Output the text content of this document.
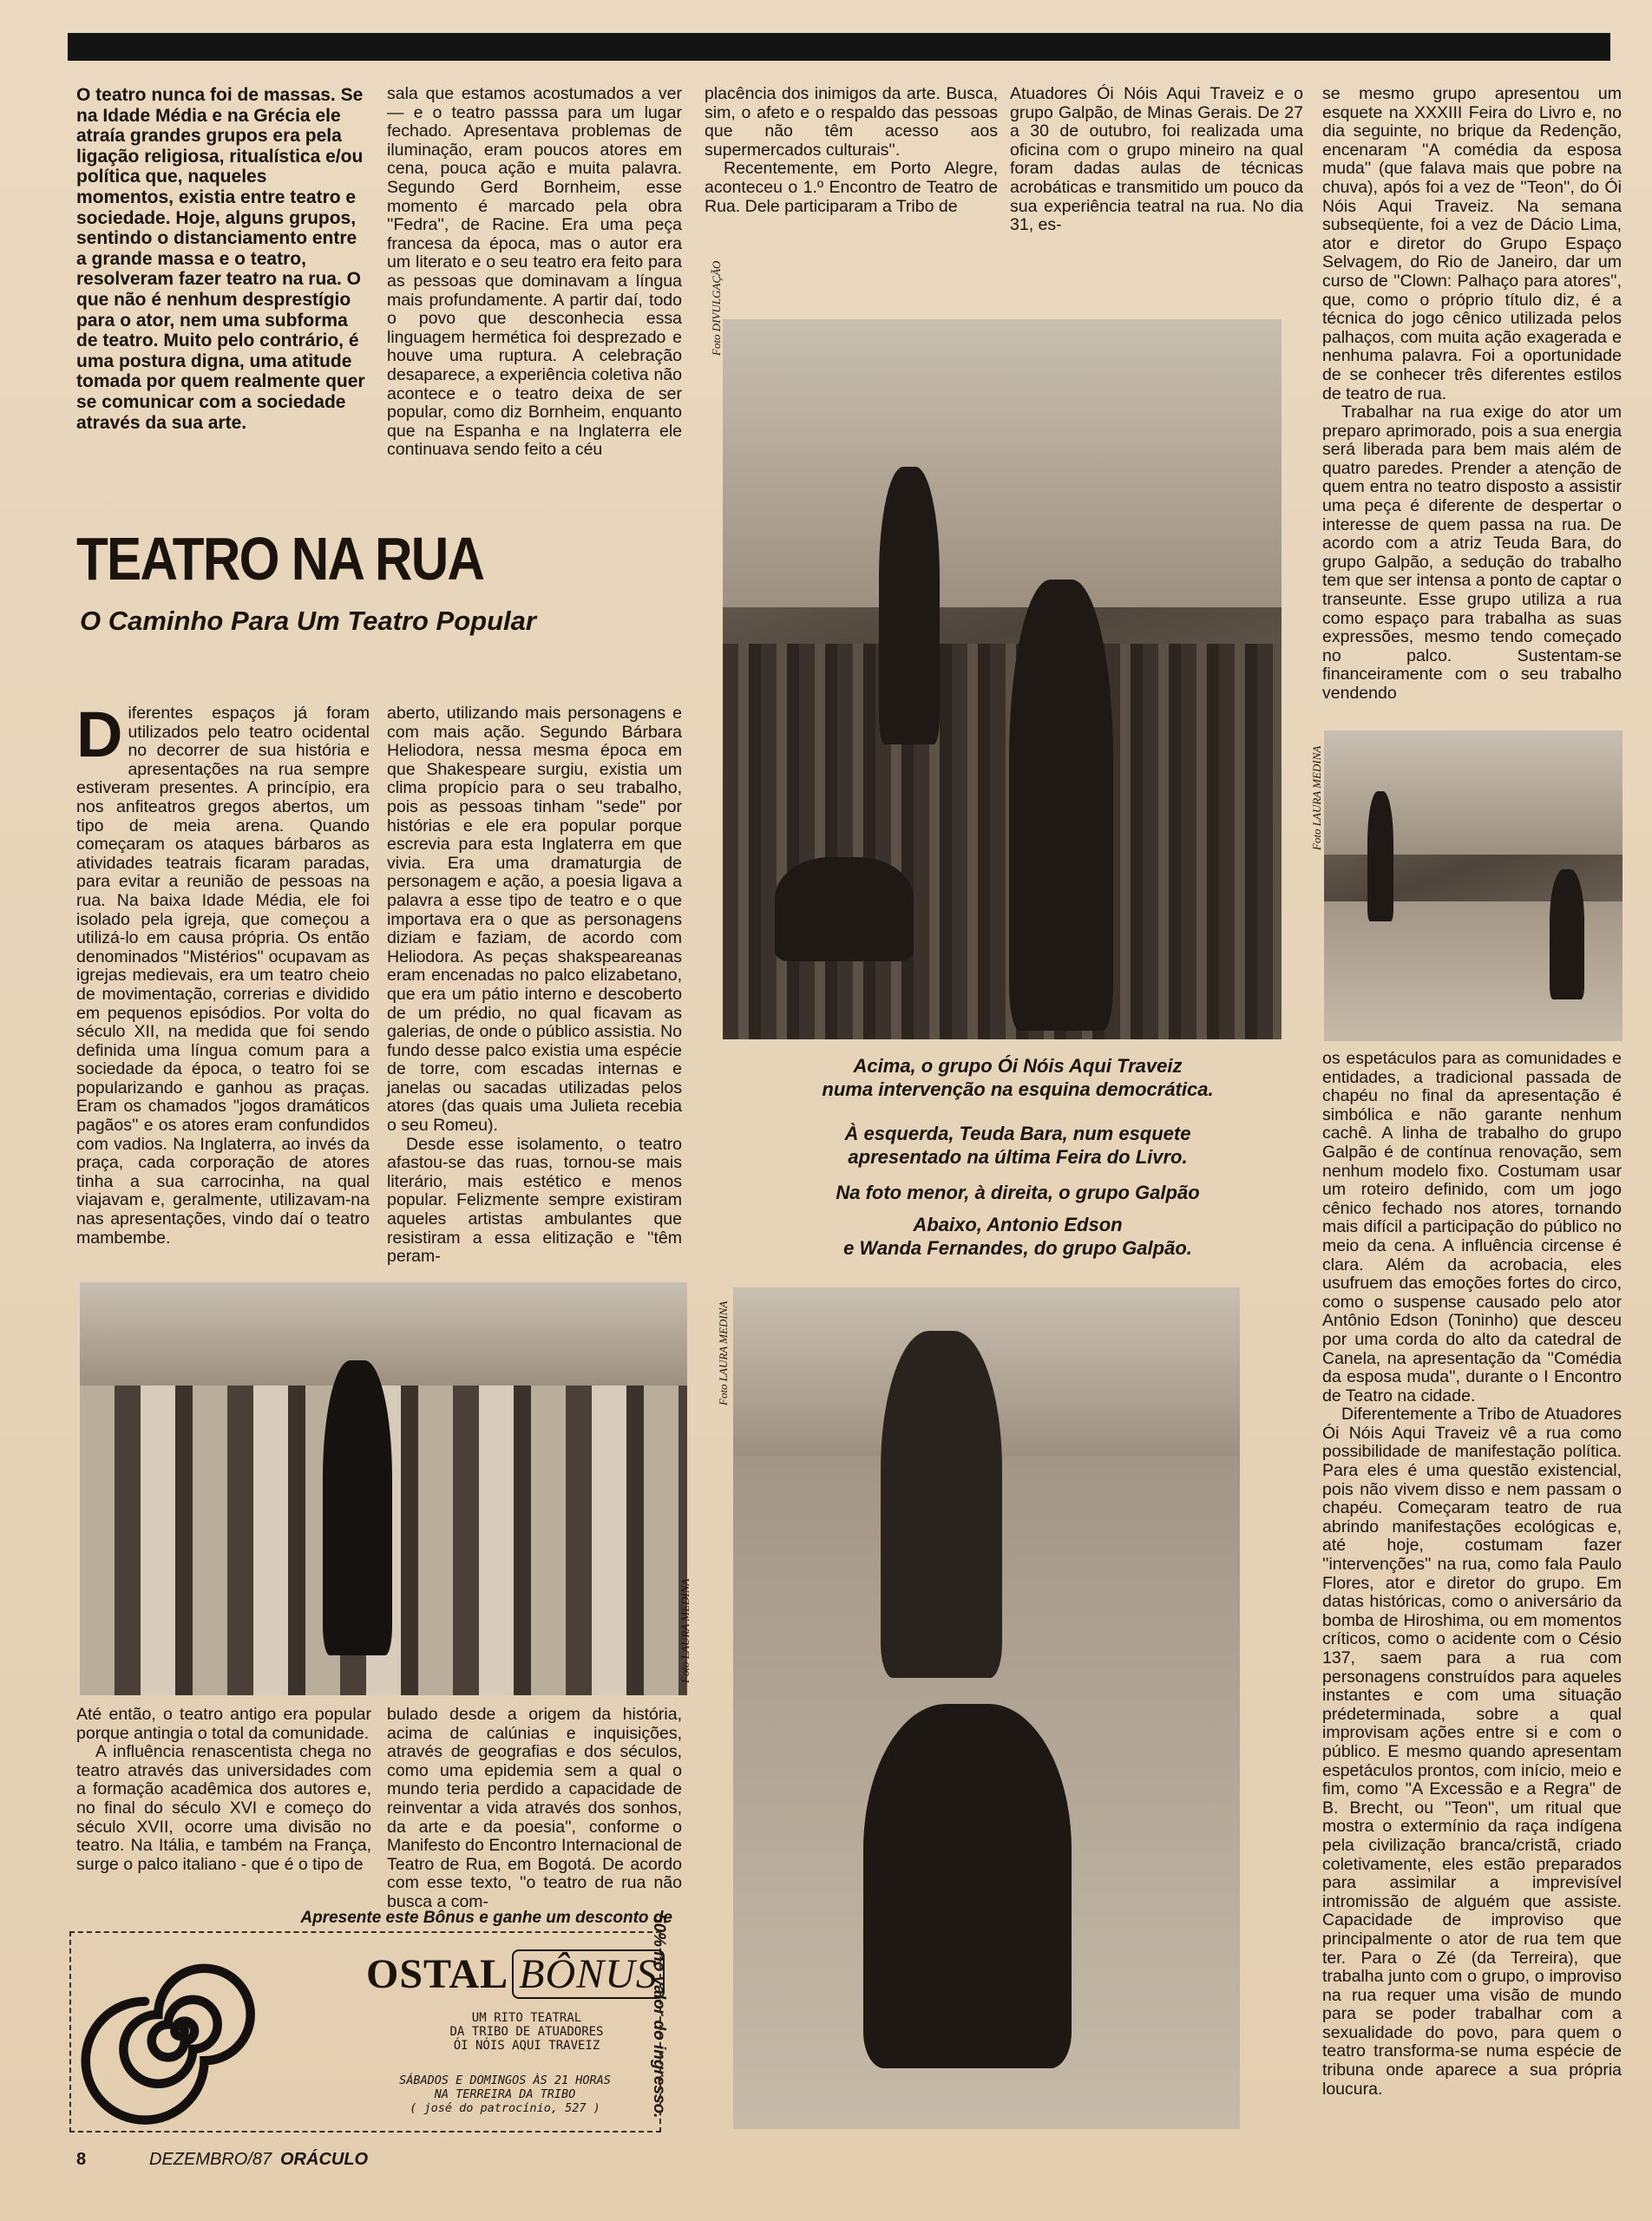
O teatro nunca foi de massas. Se na Idade Média e na Grécia ele atraía grandes grupos era pela ligação religiosa, ritualística e/ou política que, naqueles momentos, existia entre teatro e sociedade. Hoje, alguns grupos, sentindo o distanciamento entre a grande massa e o teatro, resolveram fazer teatro na rua. O que não é nenhum desprestígio para o ator, nem uma subforma de teatro. Muito pelo contrário, é uma postura digna, uma atitude tomada por quem realmente quer se comunicar com a sociedade através da sua arte.

sala que estamos acostumados a ver — e o teatro passsa para um lugar fechado. Apresentava problemas de iluminação, eram poucos atores em cena, pouca ação e muita palavra. Segundo Gerd Bornheim, esse momento é marcado pela obra ''Fedra'', de Racine. Era uma peça francesa da época, mas o autor era um literato e o seu teatro era feito para as pessoas que dominavam a língua mais profundamente. A partir daí, todo o povo que desconhecia essa linguagem hermética foi desprezado e houve uma ruptura. A celebração desaparece, a experiência coletiva não acontece e o teatro deixa de ser popular, como diz Bornheim, enquanto que na Espanha e na Inglaterra ele continuava sendo feito a céu

placência dos inimigos da arte. Busca, sim, o afeto e o respaldo das pessoas que não têm acesso aos supermercados culturais''.

Recentemente, em Porto Alegre, aconteceu o 1.º Encontro de Teatro de Rua. Dele participaram a Tribo de

Atuadores Ói Nóis Aqui Traveiz e o grupo Galpão, de Minas Gerais. De 27 a 30 de outubro, foi realizada uma oficina com o grupo mineiro na qual foram dadas aulas de técnicas acrobáticas e transmitido um pouco da sua experiência teatral na rua. No dia 31, es-

TEATRO NA RUA
O Caminho Para Um Teatro Popular

Diferentes espaços já foram utilizados pelo teatro ocidental no decorrer de sua história e apresentações na rua sempre estiveram presentes. A princípio, era nos anfiteatros gregos abertos, um tipo de meia arena. Quando começaram os ataques bárbaros as atividades teatrais ficaram paradas, para evitar a reunião de pessoas na rua. Na baixa Idade Média, ele foi isolado pela igreja, que começou a utilizá-lo em causa própria. Os então denominados ''Mistérios'' ocupavam as igrejas medievais, era um teatro cheio de movimentação, correrias e dividido em pequenos episódios. Por volta do século XII, na medida que foi sendo definida uma língua comum para a sociedade da época, o teatro foi se popularizando e ganhou as praças. Eram os chamados ''jogos dramáticos pagãos'' e os atores eram confundidos com vadios. Na Inglaterra, ao invés da praça, cada corporação de atores tinha a sua carrocinha, na qual viajavam e, geralmente, utilizavam-na nas apresentações, vindo daí o teatro mambembe.

aberto, utilizando mais personagens e com mais ação. Segundo Bárbara Heliodora, nessa mesma época em que Shakespeare surgiu, existia um clima propício para o seu trabalho, pois as pessoas tinham ''sede'' por histórias e ele era popular porque escrevia para esta Inglaterra em que vivia. Era uma dramaturgia de personagem e ação, a poesia ligava a palavra a esse tipo de teatro e o que importava era o que as personagens diziam e faziam, de acordo com Heliodora. As peças shakspeareanas eram encenadas no palco elizabetano, que era um pátio interno e descoberto de um prédio, no qual ficavam as galerias, de onde o público assistia. No fundo desse palco existia uma espécie de torre, com escadas internas e janelas ou sacadas utilizadas pelos atores (das quais uma Julieta recebia o seu Romeu).

Desde esse isolamento, o teatro afastou-se das ruas, tornou-se mais literário, mais estético e menos popular. Felizmente sempre existiram aqueles artistas ambulantes que resistiram a essa elitização e ''têm peram-

Foto DIVULGAÇÃO
Foto LAURA MEDINA

Acima, o grupo Ói Nóis Aqui Traveiz

numa intervenção na esquina democrática.

À esquerda, Teuda Bara, num esquete

apresentado na última Feira do Livro.

Na foto menor, à direita, o grupo Galpão

Abaixo, Antonio Edson

e Wanda Fernandes, do grupo Galpão.

se mesmo grupo apresentou um esquete na XXXIII Feira do Livro e, no dia seguinte, no brique da Redenção, encenaram ''A comédia da esposa muda'' (que falava mais que pobre na chuva), após foi a vez de ''Teon'', do Ói Nóis Aqui Traveiz. Na semana subseqüente, foi a vez de Dácio Lima, ator e diretor do Grupo Espaço Selvagem, do Rio de Janeiro, dar um curso de ''Clown: Palhaço para atores'', que, como o próprio título diz, é a técnica do jogo cênico utilizada pelos palhaços, com muita ação exagerada e nenhuma palavra. Foi a oportunidade de se conhecer três diferentes estilos de teatro de rua.

Trabalhar na rua exige do ator um preparo aprimorado, pois a sua energia será liberada para bem mais além de quatro paredes. Prender a atenção de quem entra no teatro disposto a assistir uma peça é diferente de despertar o interesse de quem passa na rua. De acordo com a atriz Teuda Bara, do grupo Galpão, a sedução do trabalho tem que ser intensa a ponto de captar o transeunte. Esse grupo utiliza a rua como espaço para trabalha as suas expressões, mesmo tendo começado no palco. Sustentam-se financeiramente com o seu trabalho vendendo

os espetáculos para as comunidades e entidades, a tradicional passada de chapéu no final da apresentação é simbólica e não garante nenhum cachê. A linha de trabalho do grupo Galpão é de contínua renovação, sem nenhum modelo fixo. Costumam usar um roteiro definido, com um jogo cênico fechado nos atores, tornando mais difícil a participação do público no meio da cena. A influência circense é clara. Além da acrobacia, eles usufruem das emoções fortes do circo, como o suspense causado pelo ator Antônio Edson (Toninho) que desceu por uma corda do alto da catedral de Canela, na apresentação da ''Comédia da esposa muda'', durante o I Encontro de Teatro na cidade.

Diferentemente a Tribo de Atuadores Ói Nóis Aqui Traveiz vê a rua como possibilidade de manifestação política. Para eles é uma questão existencial, pois não vivem disso e nem passam o chapéu. Começaram teatro de rua abrindo manifestações ecológicas e, até hoje, costumam fazer ''intervenções'' na rua, como fala Paulo Flores, ator e diretor do grupo. Em datas históricas, como o aniversário da bomba de Hiroshima, ou em momentos críticos, como o acidente com o Césio 137, saem para a rua com personagens construídos para aqueles instantes e com uma situação prédeterminada, sobre a qual improvisam ações entre si e com o público. E mesmo quando apresentam espetáculos prontos, com início, meio e fim, como ''A Excessão e a Regra'' de B. Brecht, ou ''Teon'', um ritual que mostra o extermínio da raça indígena pela civilização branca/cristã, criado coletivamente, eles estão preparados para assimilar a imprevisível intromissão de alguém que assiste. Capacidade de improviso que principalmente o ator de rua tem que ter. Para o Zé (da Terreira), que trabalha junto com o grupo, o improviso na rua requer uma visão de mundo para se poder trabalhar com a sexualidade do povo, para quem o teatro transforma-se numa espécie de tribuna onde aparece a sua própria loucura.

Foto LAURA MEDINA
Foto LAURA MEDINA

Até então, o teatro antigo era popular porque antingia o total da comunidade.

A influência renascentista chega no teatro através das universidades com a formação acadêmica dos autores e, no final do século XVI e começo do século XVII, ocorre uma divisão no teatro. Na Itália, e também na França, surge o palco italiano - que é o tipo de

bulado desde a origem da história, acima de calúnias e inquisições, através de geografias e dos séculos, como uma epidemia sem a qual o mundo teria perdido a capacidade de reinventar a vida através dos sonhos, da arte e da poesia'', conforme o Manifesto do Encontro Internacional de Teatro de Rua, em Bogotá. De acordo com esse texto, ''o teatro de rua não busca a com-

Apresente este Bônus e ganhe um desconto de
50% no valor do ingresso.
OSTAL BÔNUS
UM RITO TEATRAL
DA TRIBO DE ATUADORES
ÓI NÓIS AQUI TRAVEIZ
SÁBADOS E DOMINGOS ÀS 21 HORAS
NA TERREIRA DA TRIBO
( josé do patrocínio, 527 )
8	DEZEMBRO/87 ORÁCULO
